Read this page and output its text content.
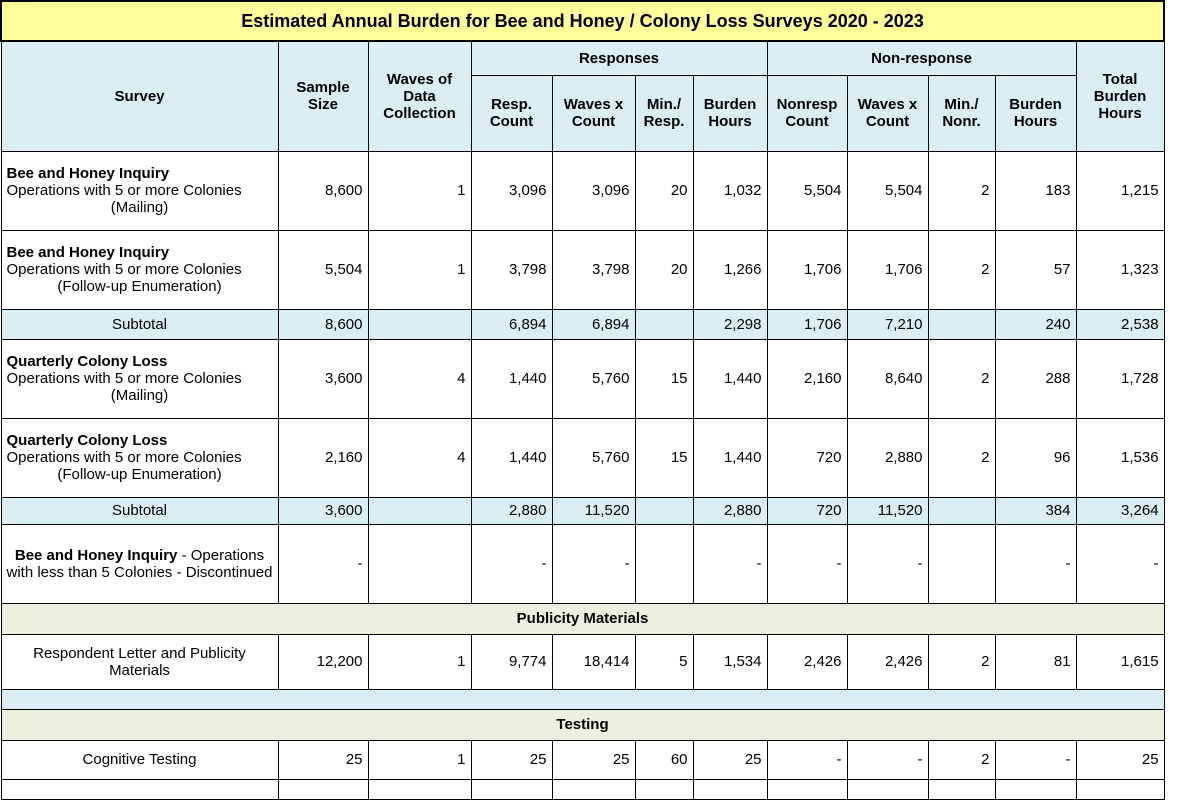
Estimated Annual Burden for Bee and Honey / Colony Loss Surveys 2020 - 2023											
Survey	Sample Size	Waves of Data Collection	Responses				Non-response				Total Burden Hours
			Resp. Count	Waves x Count	Min./ Resp.	Burden Hours	Nonresp Count	Waves x Count	Min./ Nonr.	Burden Hours	
Bee and Honey Inquiry
Operations with 5 or more Colonies

(Mailing)	8,600	1	3,096	3,096	20	1,032	5,504	5,504	2	183	1,215
Bee and Honey Inquiry
Operations with 5 or more Colonies

(Follow-up Enumeration)	5,504	1	3,798	3,798	20	1,266	1,706	1,706	2	57	1,323
Subtotal	8,600		6,894	6,894		2,298	1,706	7,210		240	2,538
Quarterly Colony Loss
Operations with 5 or more Colonies

(Mailing)	3,600	4	1,440	5,760	15	1,440	2,160	8,640	2	288	1,728
Quarterly Colony Loss
Operations with 5 or more Colonies

(Follow-up Enumeration)	2,160	4	1,440	5,760	15	1,440	720	2,880	2	96	1,536
Subtotal	3,600		2,880	11,520		2,880	720	11,520		384	3,264
Bee and Honey Inquiry - Operations with less than 5 Colonies - Discontinued	-		-	-		-	-	-		-	-
Publicity Materials											
Respondent Letter and Publicity Materials	12,200	1	9,774	18,414	5	1,534	2,426	2,426	2	81	1,615

Testing											
Cognitive Testing	25	1	25	25	60	25	-	-	2	-	25
